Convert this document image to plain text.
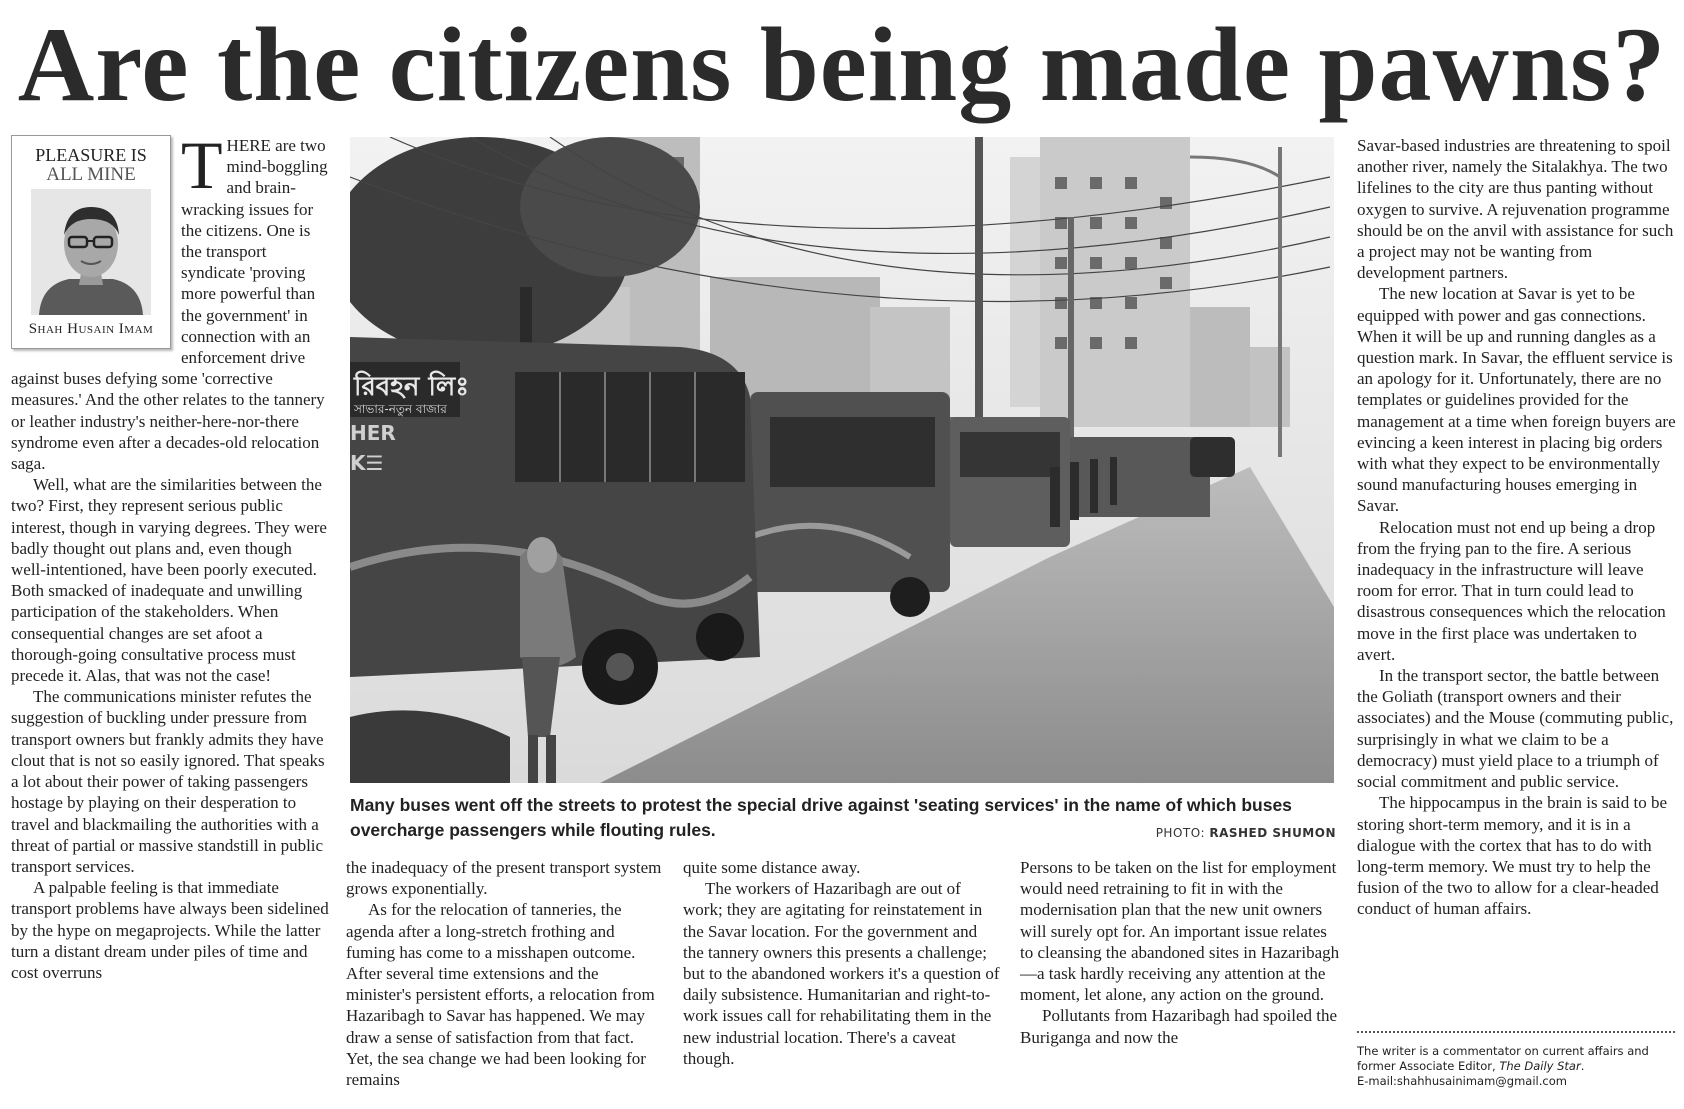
Are the citizens being made pawns?
PLEASURE IS
ALL MINE
Shah Husain Imam
T HERE are two mind-boggling and brain-wracking issues for the citizens. One is the transport syndicate 'proving more powerful than the government' in connection with an enforcement drive against buses defying some 'corrective measures.' And the other relates to the tannery or leather industry's neither-here-nor-there syndrome even after a decades-old relocation saga.

Well, what are the similarities between the two? First, they represent serious public interest, though in varying degrees. They were badly thought out plans and, even though well-intentioned, have been poorly executed. Both smacked of inadequate and unwilling participation of the stakeholders. When consequential changes are set afoot a thorough-going consultative process must precede it. Alas, that was not the case!

The communications minister refutes the suggestion of buckling under pressure from transport owners but frankly admits they have clout that is not so easily ignored. That speaks a lot about their power of taking passengers hostage by playing on their desperation to travel and blackmailing the authorities with a threat of partial or massive standstill in public transport services.

A palpable feeling is that immediate transport problems have always been sidelined by the hype on megaprojects. While the latter turn a distant dream under piles of time and cost overruns

রিবহন লিঃ
সাভার-নতুন বাজার
HER
K☰
Many buses went off the streets to protest the special drive against 'seating services' in the name of which buses overcharge passengers while flouting rules.	PHOTO: RASHED SHUMON

the inadequacy of the present transport system grows exponentially.

As for the relocation of tanneries, the agenda after a long-stretch frothing and fuming has come to a misshapen outcome. After several time extensions and the minister's persistent efforts, a relocation from Hazaribagh to Savar has happened. We may draw a sense of satisfaction from that fact. Yet, the sea change we had been looking for remains

quite some distance away.

The workers of Hazaribagh are out of work; they are agitating for reinstatement in the Savar location. For the government and the tannery owners this presents a challenge; but to the abandoned workers it's a question of daily subsistence. Humanitarian and right-to-work issues call for rehabilitating them in the new industrial location. There's a caveat though.

Persons to be taken on the list for employment would need retraining to fit in with the modernisation plan that the new unit owners will surely opt for. An important issue relates to cleansing the abandoned sites in Hazaribagh—a task hardly receiving any attention at the moment, let alone, any action on the ground.

Pollutants from Hazaribagh had spoiled the Buriganga and now the

Savar-based industries are threatening to spoil another river, namely the Sitalakhya. The two lifelines to the city are thus panting without oxygen to survive. A rejuvenation programme should be on the anvil with assistance for such a project may not be wanting from development partners.

The new location at Savar is yet to be equipped with power and gas connections. When it will be up and running dangles as a question mark. In Savar, the effluent service is an apology for it. Unfortunately, there are no templates or guidelines provided for the management at a time when foreign buyers are evincing a keen interest in placing big orders with what they expect to be environmentally sound manufacturing houses emerging in Savar.

Relocation must not end up being a drop from the frying pan to the fire. A serious inadequacy in the infrastructure will leave room for error. That in turn could lead to disastrous consequences which the relocation move in the first place was undertaken to avert.

In the transport sector, the battle between the Goliath (transport owners and their associates) and the Mouse (commuting public, surprisingly in what we claim to be a democracy) must yield place to a triumph of social commitment and public service.

The hippocampus in the brain is said to be storing short-term memory, and it is in a dialogue with the cortex that has to do with long-term memory. We must try to help the fusion of the two to allow for a clear-headed conduct of human affairs.

The writer is a commentator on current affairs and former Associate Editor, The Daily Star.
E-mail:shahhusainimam@gmail.com
